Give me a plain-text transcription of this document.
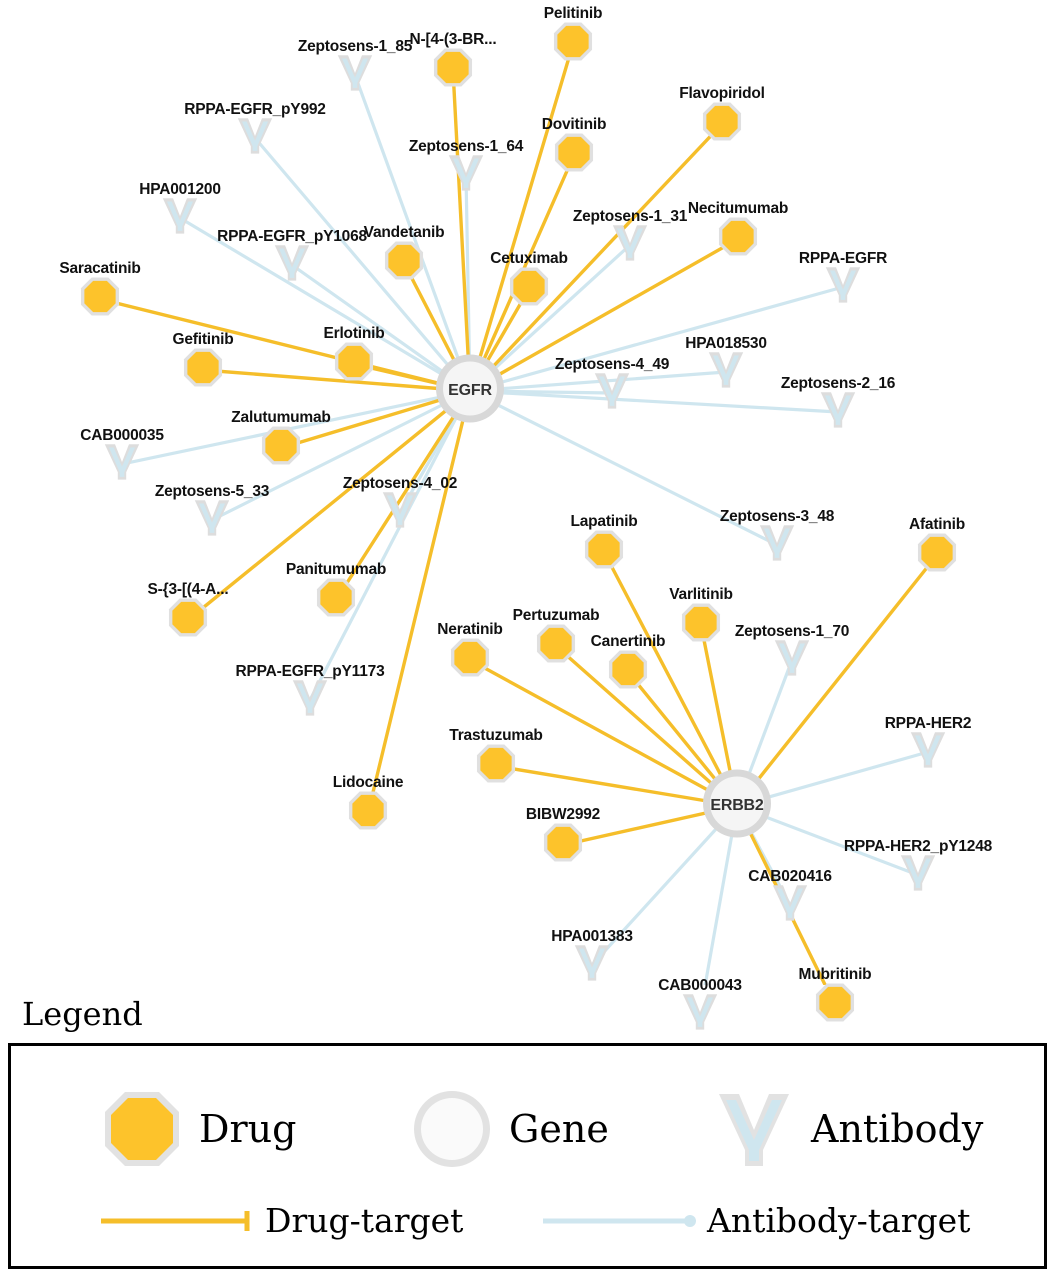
EGFR
ERBB2
Pelitinib
N-[4-(3-BR...
Flavopiridol
Dovitinib
Necitumumab
Vandetanib
Cetuximab
Saracatinib
Gefitinib	Erlotinib
Zalutumumab
Afatinib
Lapatinib
Varlitinib
Panitumumab
S-{3-[(4-A...
Pertuzumab
Canertinib
Neratinib
Trastuzumab
Lidocaine
BIBW2992
Mubritinib
Zeptosens-1_85
RPPA-EGFR_pY992
Zeptosens-1_64
HPA001200
Zeptosens-1_31
RPPA-EGFR_pY1068
RPPA-EGFR
HPA018530
Zeptosens-4_49
Zeptosens-2_16
CAB000035
Zeptosens-5_33	Zeptosens-4_02
Zeptosens-3_48
Zeptosens-1_70
RPPA-EGFR_pY1173
RPPA-HER2
RPPA-HER2_pY1248
CAB020416
HPA001383
CAB000043
Legend
Drug	Gene	Antibody
Drug-target	Antibody-target
